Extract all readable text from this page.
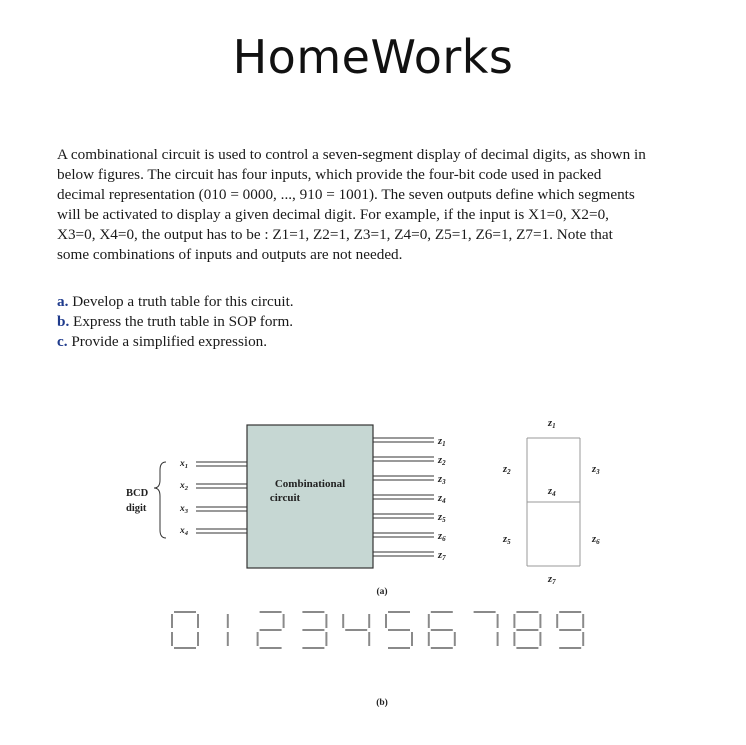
HomeWorks
A combinational circuit is used to control a seven-segment display of decimal digits, as shown in
below figures. The circuit has four inputs, which provide the four-bit code used in packed
decimal representation (010 = 0000, ..., 910 = 1001). The seven outputs define which segments
will be activated to display a given decimal digit. For example, if the input is X1=0, X2=0,
X3=0, X4=0, the output has to be : Z1=1, Z2=1, Z3=1, Z4=0, Z5=1, Z6=1, Z7=1. Note that
some combinations of inputs and outputs are not needed.
a. Develop a truth table for this circuit.
b. Express the truth table in SOP form.
c. Provide a simplified expression.
Combinational
circuit
BCD
digit
$x_1$
$x_2$
$x_3$
$x_4$
z1
z2
z3
z4
z5
z6
z7
z1
z2	z3
z4
z5	z6
z7
(a)
(b)
